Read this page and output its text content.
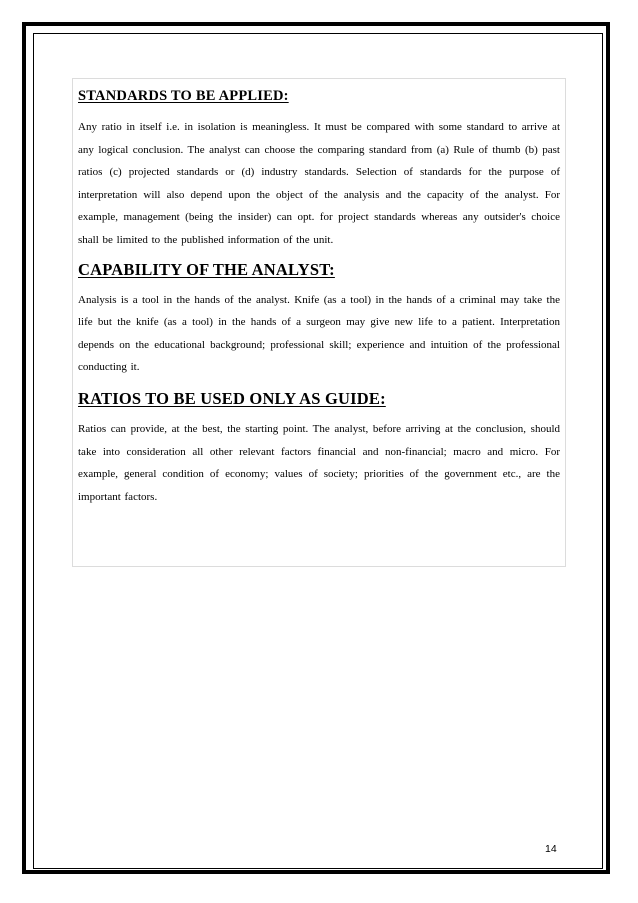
STANDARDS TO BE APPLIED:

Any ratio in itself i.e. in isolation is meaningless. It must be compared with some standard to arrive at any logical conclusion. The analyst can choose the comparing standard from (a) Rule of thumb (b) past ratios (c) projected standards or (d) industry standards. Selection of standards for the purpose of interpretation will also depend upon the object of the analysis and the capacity of the analyst. For example, management (being the insider) can opt. for project standards whereas any outsider's choice shall be limited to the published information of the unit.

CAPABILITY OF THE ANALYST:

Analysis is a tool in the hands of the analyst. Knife (as a tool) in the hands of a criminal may take the life but the knife (as a tool) in the hands of a surgeon may give new life to a patient. Interpretation depends on the educational background; professional skill; experience and intuition of the professional conducting it.

RATIOS TO BE USED ONLY AS GUIDE:

Ratios can provide, at the best, the starting point. The analyst, before arriving at the conclusion, should take into consideration all other relevant factors financial and non-financial; macro and micro. For example, general condition of economy; values of society; priorities of the government etc., are the important factors.

14
